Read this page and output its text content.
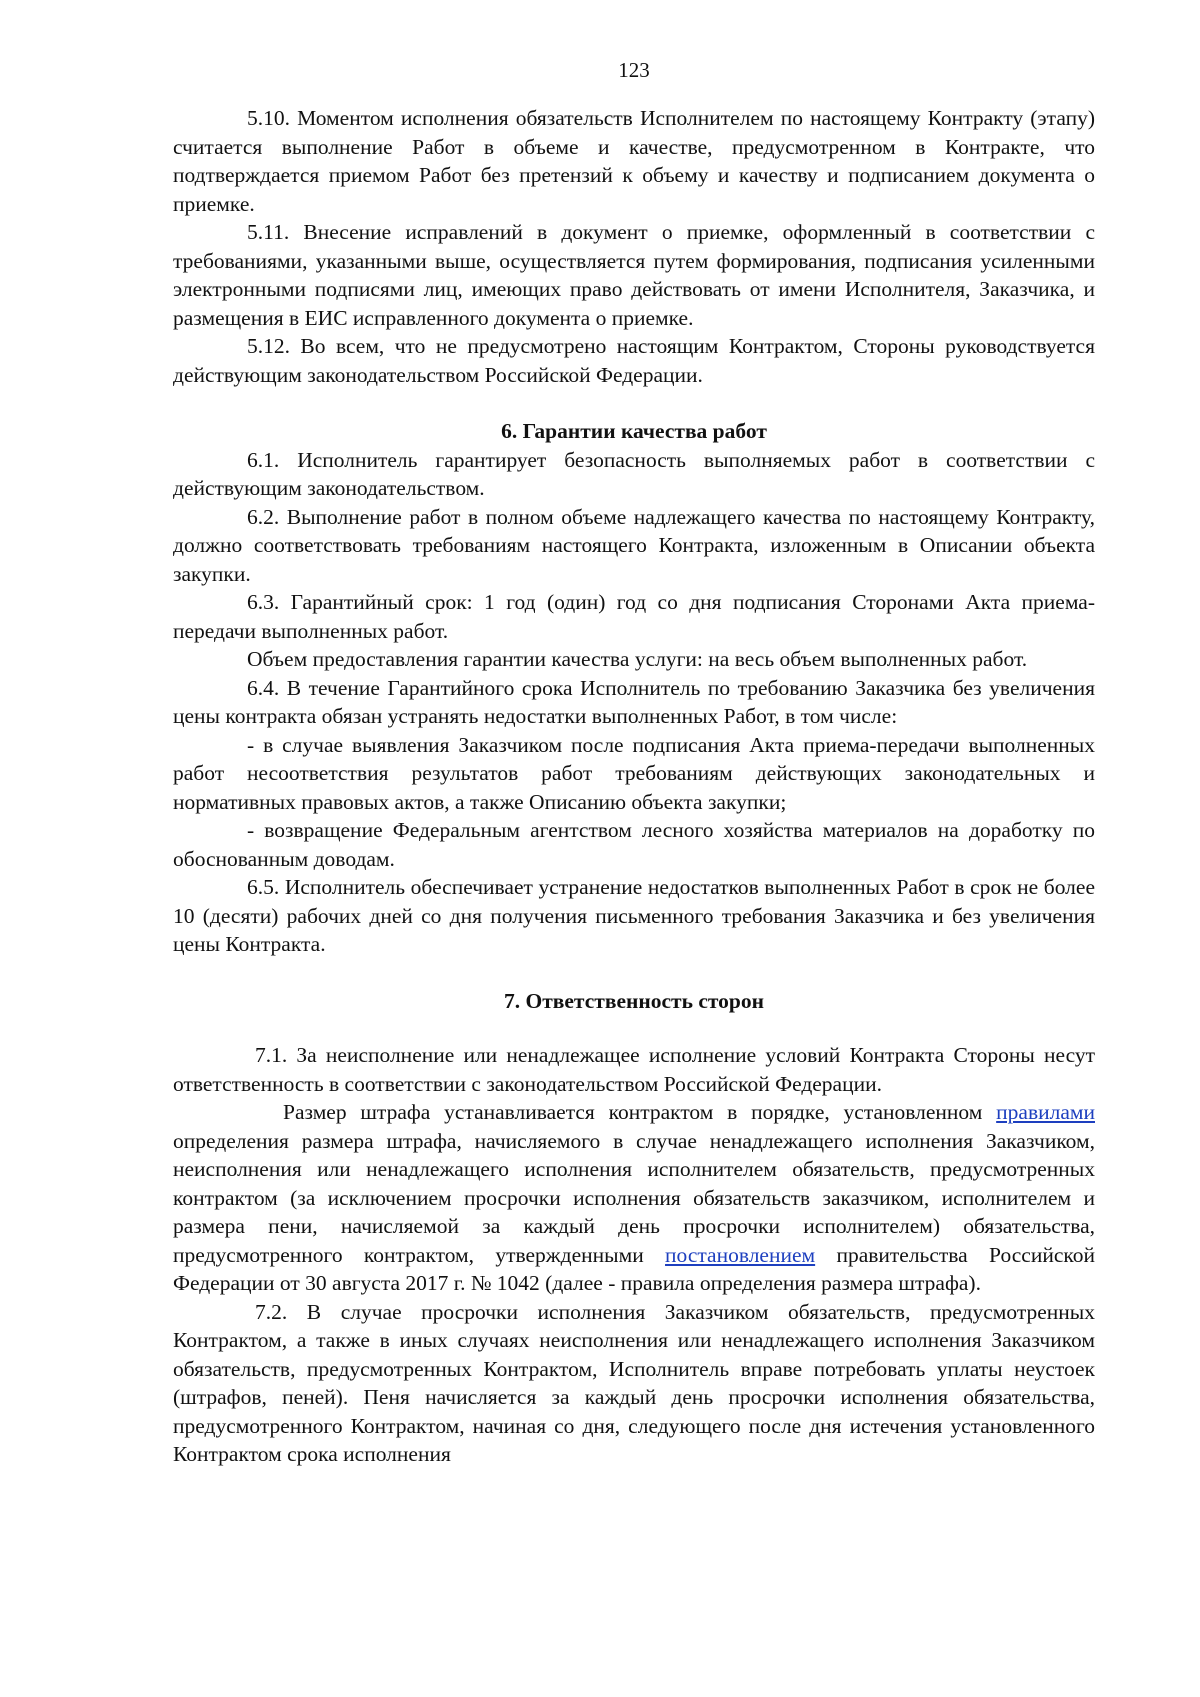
123

5.10. Моментом исполнения обязательств Исполнителем по настоящему Контракту (этапу) считается выполнение Работ в объеме и качестве, предусмотренном в Контракте, что подтверждается приемом Работ без претензий к объему и качеству и подписанием документа о приемке.

5.11. Внесение исправлений в документ о приемке, оформленный в соответствии с требованиями, указанными выше, осуществляется путем формирования, подписания усиленными электронными подписями лиц, имеющих право действовать от имени Исполнителя, Заказчика, и размещения в ЕИС исправленного документа о приемке.

5.12. Во всем, что не предусмотрено настоящим Контрактом, Стороны руководствуется действующим законодательством Российской Федерации.

6. Гарантии качества работ

6.1. Исполнитель гарантирует безопасность выполняемых работ в соответствии с действующим законодательством.

6.2. Выполнение работ в полном объеме надлежащего качества по настоящему Контракту, должно соответствовать требованиям настоящего Контракта, изложенным в Описании объекта закупки.

6.3. Гарантийный срок: 1 год (один) год со дня подписания Сторонами Акта приема-передачи выполненных работ.

Объем предоставления гарантии качества услуги: на весь объем выполненных работ.

6.4. В течение Гарантийного срока Исполнитель по требованию Заказчика без увеличения цены контракта обязан устранять недостатки выполненных Работ, в том числе:

- в случае выявления Заказчиком после подписания Акта приема-передачи выполненных работ несоответствия результатов работ требованиям действующих законодательных и нормативных правовых актов, а также Описанию объекта закупки;

- возвращение Федеральным агентством лесного хозяйства материалов на доработку по обоснованным доводам.

6.5. Исполнитель обеспечивает устранение недостатков выполненных Работ в срок не более 10 (десяти) рабочих дней со дня получения письменного требования Заказчика и без увеличения цены Контракта.

7. Ответственность сторон

7.1. За неисполнение или ненадлежащее исполнение условий Контракта Стороны несут ответственность в соответствии с законодательством Российской Федерации.

Размер штрафа устанавливается контрактом в порядке, установленном правилами определения размера штрафа, начисляемого в случае ненадлежащего исполнения Заказчиком, неисполнения или ненадлежащего исполнения исполнителем обязательств, предусмотренных контрактом (за исключением просрочки исполнения обязательств заказчиком, исполнителем и размера пени, начисляемой за каждый день просрочки исполнителем) обязательства, предусмотренного контрактом, утвержденными постановлением правительства Российской Федерации от 30 августа 2017 г. № 1042 (далее - правила определения размера штрафа).

7.2. В случае просрочки исполнения Заказчиком обязательств, предусмотренных Контрактом, а также в иных случаях неисполнения или ненадлежащего исполнения Заказчиком обязательств, предусмотренных Контрактом, Исполнитель вправе потребовать уплаты неустоек (штрафов, пеней). Пеня начисляется за каждый день просрочки исполнения обязательства, предусмотренного Контрактом, начиная со дня, следующего после дня истечения установленного Контрактом срока исполнения
